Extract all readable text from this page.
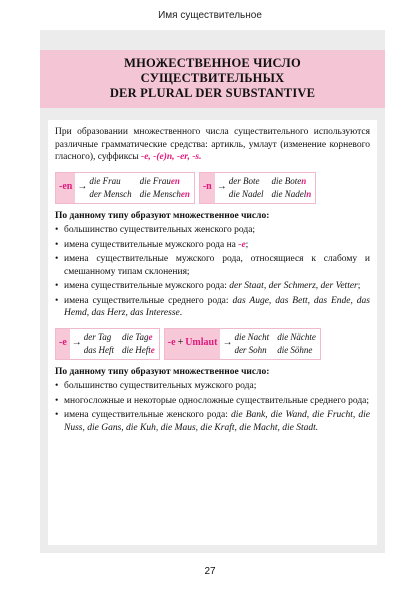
Имя существительное
МНОЖЕСТВЕННОЕ ЧИСЛО
СУЩЕСТВИТЕЛЬНЫХ
DER PLURAL DER SUBSTANTIVE

При образовании множественного числа существительного используются различные грамматические средства: артикль, умлаут (изменение корневого гласного), суффиксы -e, -(e)n, -er, -s.

-en →
die Frau	die Frauen
der Mensch die Menschen
-n →
der Bote	die Boten
die Nadel die Nadeln
По данному типу образуют множественное число:
• большинство существительных женского рода;
• имена существительные мужского рода на -e;
• имена существительные мужского рода, относящиеся к слабому и смешанному типам склонения;
• имена существительные мужского рода: der Staat, der Schmerz, der Vetter;
• имена существительные среднего рода: das Auge, das Bett, das Ende, das Hemd, das Herz, das Interesse.
-e →
der Tag	die Tage
das Heft die Hefte
-e + Umlaut →
die Nacht die Nächte
der Sohn die Söhne
По данному типу образуют множественное число:
• большинство существительных мужского рода;
• многосложные и некоторые односложные существительные среднего рода;
• имена существительные женского рода: die Bank, die Wand, die Frucht, die Nuss, die Gans, die Kuh, die Maus, die Kraft, die Macht, die Stadt.
27
